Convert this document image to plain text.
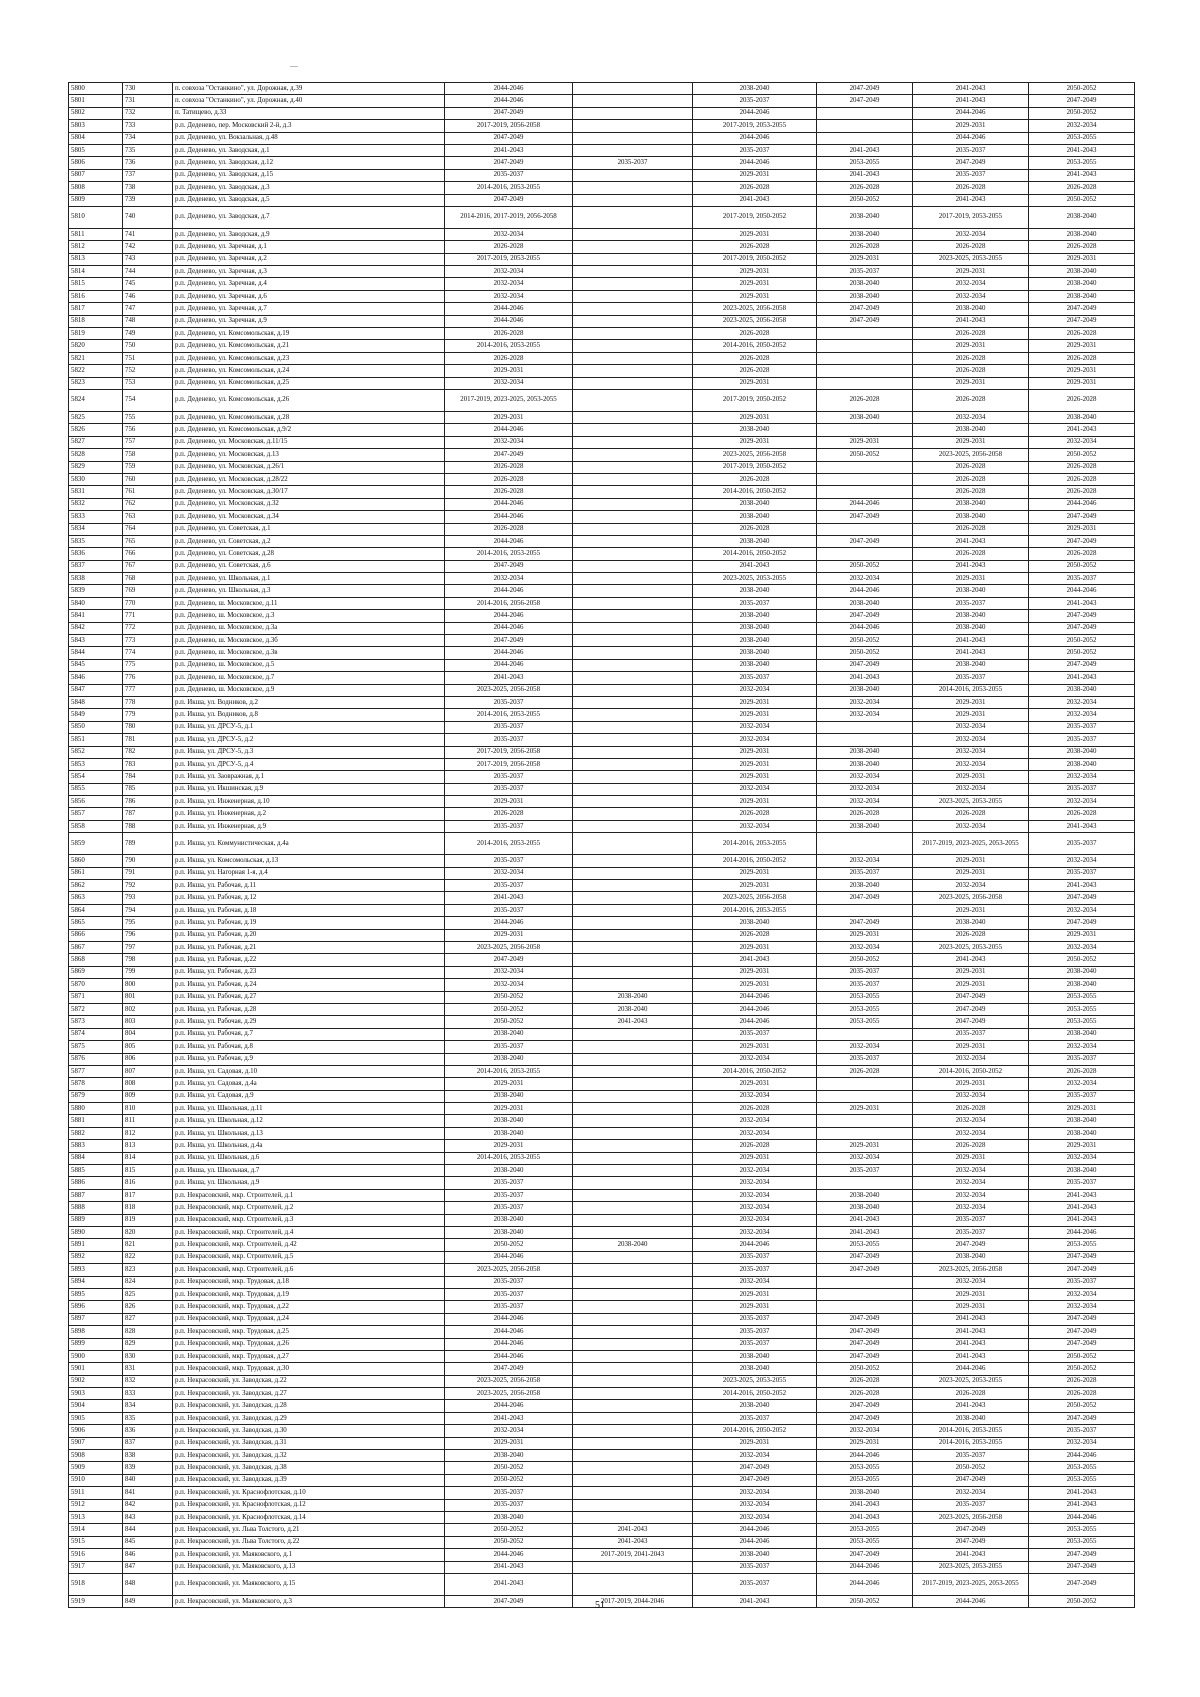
5800	730	п. совхоза "Останкино", ул. Дорожная, д.39	2044-2046		2038-2040	2047-2049	2041-2043	2050-2052
5801	731	п. совхоза "Останкино", ул. Дорожная, д.40	2044-2046		2035-2037	2047-2049	2041-2043	2047-2049
5802	732	п. Татищево, д.33	2047-2049		2044-2046		2044-2046	2050-2052
5803	733	р.п. Деденево, пер. Московский 2-й, д.3	2017-2019, 2056-2058		2017-2019, 2053-2055		2029-2031	2032-2034
5804	734	р.п. Деденево, ул. Вокзальная, д.48	2047-2049		2044-2046		2044-2046	2053-2055
5805	735	р.п. Деденево, ул. Заводская, д.1	2041-2043		2035-2037	2041-2043	2035-2037	2041-2043
5806	736	р.п. Деденево, ул. Заводская, д.12	2047-2049	2035-2037	2044-2046	2053-2055	2047-2049	2053-2055
5807	737	р.п. Деденево, ул. Заводская, д.15	2035-2037		2029-2031	2041-2043	2035-2037	2041-2043
5808	738	р.п. Деденево, ул. Заводская, д.3	2014-2016, 2053-2055		2026-2028	2026-2028	2026-2028	2026-2028
5809	739	р.п. Деденево, ул. Заводская, д.5	2047-2049		2041-2043	2050-2052	2041-2043	2050-2052
5810	740	р.п. Деденево, ул. Заводская, д.7	2014-2016, 2017-2019, 2056-2058		2017-2019, 2050-2052	2038-2040	2017-2019, 2053-2055	2038-2040
5811	741	р.п. Деденево, ул. Заводская, д.9	2032-2034		2029-2031	2038-2040	2032-2034	2038-2040
5812	742	р.п. Деденево, ул. Заречная, д.1	2026-2028		2026-2028	2026-2028	2026-2028	2026-2028
5813	743	р.п. Деденево, ул. Заречная, д.2	2017-2019, 2053-2055		2017-2019, 2050-2052	2029-2031	2023-2025, 2053-2055	2029-2031
5814	744	р.п. Деденево, ул. Заречная, д.3	2032-2034		2029-2031	2035-2037	2029-2031	2038-2040
5815	745	р.п. Деденево, ул. Заречная, д.4	2032-2034		2029-2031	2038-2040	2032-2034	2038-2040
5816	746	р.п. Деденево, ул. Заречная, д.6	2032-2034		2029-2031	2038-2040	2032-2034	2038-2040
5817	747	р.п. Деденево, ул. Заречная, д.7	2044-2046		2023-2025, 2056-2058	2047-2049	2038-2040	2047-2049
5818	748	р.п. Деденево, ул. Заречная, д.9	2044-2046		2023-2025, 2056-2058	2047-2049	2041-2043	2047-2049
5819	749	р.п. Деденево, ул. Комсомольская, д.19	2026-2028		2026-2028		2026-2028	2026-2028
5820	750	р.п. Деденево, ул. Комсомольская, д.21	2014-2016, 2053-2055		2014-2016, 2050-2052		2029-2031	2029-2031
5821	751	р.п. Деденево, ул. Комсомольская, д.23	2026-2028		2026-2028		2026-2028	2026-2028
5822	752	р.п. Деденево, ул. Комсомольская, д.24	2029-2031		2026-2028		2026-2028	2029-2031
5823	753	р.п. Деденево, ул. Комсомольская, д.25	2032-2034		2029-2031		2029-2031	2029-2031
5824	754	р.п. Деденево, ул. Комсомольская, д.26	2017-2019, 2023-2025, 2053-2055		2017-2019, 2050-2052	2026-2028	2026-2028	2026-2028
5825	755	р.п. Деденево, ул. Комсомольская, д.28	2029-2031		2029-2031	2038-2040	2032-2034	2038-2040
5826	756	р.п. Деденево, ул. Комсомольская, д.9/2	2044-2046		2038-2040		2038-2040	2041-2043
5827	757	р.п. Деденево, ул. Московская, д.11/15	2032-2034		2029-2031	2029-2031	2029-2031	2032-2034
5828	758	р.п. Деденево, ул. Московская, д.13	2047-2049		2023-2025, 2056-2058	2050-2052	2023-2025, 2056-2058	2050-2052
5829	759	р.п. Деденево, ул. Московская, д.26/1	2026-2028		2017-2019, 2050-2052		2026-2028	2026-2028
5830	760	р.п. Деденево, ул. Московская, д.28/22	2026-2028		2026-2028		2026-2028	2026-2028
5831	761	р.п. Деденево, ул. Московская, д.30/17	2026-2028		2014-2016, 2050-2052		2026-2028	2026-2028
5832	762	р.п. Деденево, ул. Московская, д.32	2044-2046		2038-2040	2044-2046	2038-2040	2044-2046
5833	763	р.п. Деденево, ул. Московская, д.34	2044-2046		2038-2040	2047-2049	2038-2040	2047-2049
5834	764	р.п. Деденево, ул. Советская, д.1	2026-2028		2026-2028		2026-2028	2029-2031
5835	765	р.п. Деденево, ул. Советская, д.2	2044-2046		2038-2040	2047-2049	2041-2043	2047-2049
5836	766	р.п. Деденево, ул. Советская, д.28	2014-2016, 2053-2055		2014-2016, 2050-2052		2026-2028	2026-2028
5837	767	р.п. Деденево, ул. Советская, д.6	2047-2049		2041-2043	2050-2052	2041-2043	2050-2052
5838	768	р.п. Деденево, ул. Школьная, д.1	2032-2034		2023-2025, 2053-2055	2032-2034	2029-2031	2035-2037
5839	769	р.п. Деденево, ул. Школьная, д.3	2044-2046		2038-2040	2044-2046	2038-2040	2044-2046
5840	770	р.п. Деденево, ш. Московское, д.11	2014-2016, 2056-2058		2035-2037	2038-2040	2035-2037	2041-2043
5841	771	р.п. Деденево, ш. Московское, д.3	2044-2046		2038-2040	2047-2049	2038-2040	2047-2049
5842	772	р.п. Деденево, ш. Московское, д.3а	2044-2046		2038-2040	2044-2046	2038-2040	2047-2049
5843	773	р.п. Деденево, ш. Московское, д.3б	2047-2049		2038-2040	2050-2052	2041-2043	2050-2052
5844	774	р.п. Деденево, ш. Московское, д.3в	2044-2046		2038-2040	2050-2052	2041-2043	2050-2052
5845	775	р.п. Деденево, ш. Московское, д.5	2044-2046		2038-2040	2047-2049	2038-2040	2047-2049
5846	776	р.п. Деденево, ш. Московское, д.7	2041-2043		2035-2037	2041-2043	2035-2037	2041-2043
5847	777	р.п. Деденево, ш. Московское, д.9	2023-2025, 2056-2058		2032-2034	2038-2040	2014-2016, 2053-2055	2038-2040
5848	778	р.п. Икша, ул. Водников, д.2	2035-2037		2029-2031	2032-2034	2029-2031	2032-2034
5849	779	р.п. Икша, ул. Водников, д.8	2014-2016, 2053-2055		2029-2031	2032-2034	2029-2031	2032-2034
5850	780	р.п. Икша, ул. ДРСУ-5, д.1	2035-2037		2032-2034		2032-2034	2035-2037
5851	781	р.п. Икша, ул. ДРСУ-5, д.2	2035-2037		2032-2034		2032-2034	2035-2037
5852	782	р.п. Икша, ул. ДРСУ-5, д.3	2017-2019, 2056-2058		2029-2031	2038-2040	2032-2034	2038-2040
5853	783	р.п. Икша, ул. ДРСУ-5, д.4	2017-2019, 2056-2058		2029-2031	2038-2040	2032-2034	2038-2040
5854	784	р.п. Икша, ул. Заовражная, д.1	2035-2037		2029-2031	2032-2034	2029-2031	2032-2034
5855	785	р.п. Икша, ул. Икшинская, д.9	2035-2037		2032-2034	2032-2034	2032-2034	2035-2037
5856	786	р.п. Икша, ул. Инженерная, д.10	2029-2031		2029-2031	2032-2034	2023-2025, 2053-2055	2032-2034
5857	787	р.п. Икша, ул. Инженерная, д.2	2026-2028		2026-2028	2026-2028	2026-2028	2026-2028
5858	788	р.п. Икша, ул. Инженерная, д.9	2035-2037		2032-2034	2038-2040	2032-2034	2041-2043
5859	789	р.п. Икша, ул. Коммунистическая, д.4а	2014-2016, 2053-2055		2014-2016, 2053-2055		2017-2019, 2023-2025, 2053-2055	2035-2037
5860	790	р.п. Икша, ул. Комсомольская, д.13	2035-2037		2014-2016, 2050-2052	2032-2034	2029-2031	2032-2034
5861	791	р.п. Икша, ул. Нагорная 1-я, д.4	2032-2034		2029-2031	2035-2037	2029-2031	2035-2037
5862	792	р.п. Икша, ул. Рабочая, д.11	2035-2037		2029-2031	2038-2040	2032-2034	2041-2043
5863	793	р.п. Икша, ул. Рабочая, д.12	2041-2043		2023-2025, 2056-2058	2047-2049	2023-2025, 2056-2058	2047-2049
5864	794	р.п. Икша, ул. Рабочая, д.18	2035-2037		2014-2016, 2053-2055		2029-2031	2032-2034
5865	795	р.п. Икша, ул. Рабочая, д.19	2044-2046		2038-2040	2047-2049	2038-2040	2047-2049
5866	796	р.п. Икша, ул. Рабочая, д.20	2029-2031		2026-2028	2029-2031	2026-2028	2029-2031
5867	797	р.п. Икша, ул. Рабочая, д.21	2023-2025, 2056-2058		2029-2031	2032-2034	2023-2025, 2053-2055	2032-2034
5868	798	р.п. Икша, ул. Рабочая, д.22	2047-2049		2041-2043	2050-2052	2041-2043	2050-2052
5869	799	р.п. Икша, ул. Рабочая, д.23	2032-2034		2029-2031	2035-2037	2029-2031	2038-2040
5870	800	р.п. Икша, ул. Рабочая, д.24	2032-2034		2029-2031	2035-2037	2029-2031	2038-2040
5871	801	р.п. Икша, ул. Рабочая, д.27	2050-2052	2038-2040	2044-2046	2053-2055	2047-2049	2053-2055
5872	802	р.п. Икша, ул. Рабочая, д.28	2050-2052	2038-2040	2044-2046	2053-2055	2047-2049	2053-2055
5873	803	р.п. Икша, ул. Рабочая, д.29	2050-2052	2041-2043	2044-2046	2053-2055	2047-2049	2053-2055
5874	804	р.п. Икша, ул. Рабочая, д.7	2038-2040		2035-2037		2035-2037	2038-2040
5875	805	р.п. Икша, ул. Рабочая, д.8	2035-2037		2029-2031	2032-2034	2029-2031	2032-2034
5876	806	р.п. Икша, ул. Рабочая, д.9	2038-2040		2032-2034	2035-2037	2032-2034	2035-2037
5877	807	р.п. Икша, ул. Садовая, д.10	2014-2016, 2053-2055		2014-2016, 2050-2052	2026-2028	2014-2016, 2050-2052	2026-2028
5878	808	р.п. Икша, ул. Садовая, д.4а	2029-2031		2029-2031		2029-2031	2032-2034
5879	809	р.п. Икша, ул. Садовая, д.9	2038-2040		2032-2034		2032-2034	2035-2037
5880	810	р.п. Икша, ул. Школьная, д.11	2029-2031		2026-2028	2029-2031	2026-2028	2029-2031
5881	811	р.п. Икша, ул. Школьная, д.12	2038-2040		2032-2034		2032-2034	2038-2040
5882	812	р.п. Икша, ул. Школьная, д.13	2038-2040		2032-2034		2032-2034	2038-2040
5883	813	р.п. Икша, ул. Школьная, д.4а	2029-2031		2026-2028	2029-2031	2026-2028	2029-2031
5884	814	р.п. Икша, ул. Школьная, д.6	2014-2016, 2053-2055		2029-2031	2032-2034	2029-2031	2032-2034
5885	815	р.п. Икша, ул. Школьная, д.7	2038-2040		2032-2034	2035-2037	2032-2034	2038-2040
5886	816	р.п. Икша, ул. Школьная, д.9	2035-2037		2032-2034		2032-2034	2035-2037
5887	817	р.п. Некрасовский, мкр. Строителей, д.1	2035-2037		2032-2034	2038-2040	2032-2034	2041-2043
5888	818	р.п. Некрасовский, мкр. Строителей, д.2	2035-2037		2032-2034	2038-2040	2032-2034	2041-2043
5889	819	р.п. Некрасовский, мкр. Строителей, д.3	2038-2040		2032-2034	2041-2043	2035-2037	2041-2043
5890	820	р.п. Некрасовский, мкр. Строителей, д.4	2038-2040		2032-2034	2041-2043	2035-2037	2044-2046
5891	821	р.п. Некрасовский, мкр. Строителей, д.42	2050-2052	2038-2040	2044-2046	2053-2055	2047-2049	2053-2055
5892	822	р.п. Некрасовский, мкр. Строителей, д.5	2044-2046		2035-2037	2047-2049	2038-2040	2047-2049
5893	823	р.п. Некрасовский, мкр. Строителей, д.6	2023-2025, 2056-2058		2035-2037	2047-2049	2023-2025, 2056-2058	2047-2049
5894	824	р.п. Некрасовский, мкр. Трудовая, д.18	2035-2037		2032-2034		2032-2034	2035-2037
5895	825	р.п. Некрасовский, мкр. Трудовая, д.19	2035-2037		2029-2031		2029-2031	2032-2034
5896	826	р.п. Некрасовский, мкр. Трудовая, д.22	2035-2037		2029-2031		2029-2031	2032-2034
5897	827	р.п. Некрасовский, мкр. Трудовая, д.24	2044-2046		2035-2037	2047-2049	2041-2043	2047-2049
5898	828	р.п. Некрасовский, мкр. Трудовая, д.25	2044-2046		2035-2037	2047-2049	2041-2043	2047-2049
5899	829	р.п. Некрасовский, мкр. Трудовая, д.26	2044-2046		2035-2037	2047-2049	2041-2043	2047-2049
5900	830	р.п. Некрасовский, мкр. Трудовая, д.27	2044-2046		2038-2040	2047-2049	2041-2043	2050-2052
5901	831	р.п. Некрасовский, мкр. Трудовая, д.30	2047-2049		2038-2040	2050-2052	2044-2046	2050-2052
5902	832	р.п. Некрасовский, ул. Заводская, д.22	2023-2025, 2056-2058		2023-2025, 2053-2055	2026-2028	2023-2025, 2053-2055	2026-2028
5903	833	р.п. Некрасовский, ул. Заводская, д.27	2023-2025, 2056-2058		2014-2016, 2050-2052	2026-2028	2026-2028	2026-2028
5904	834	р.п. Некрасовский, ул. Заводская, д.28	2044-2046		2038-2040	2047-2049	2041-2043	2050-2052
5905	835	р.п. Некрасовский, ул. Заводская, д.29	2041-2043		2035-2037	2047-2049	2038-2040	2047-2049
5906	836	р.п. Некрасовский, ул. Заводская, д.30	2032-2034		2014-2016, 2050-2052	2032-2034	2014-2016, 2053-2055	2035-2037
5907	837	р.п. Некрасовский, ул. Заводская, д.31	2029-2031		2029-2031	2029-2031	2014-2016, 2053-2055	2032-2034
5908	838	р.п. Некрасовский, ул. Заводская, д.32	2038-2040		2032-2034	2044-2046	2035-2037	2044-2046
5909	839	р.п. Некрасовский, ул. Заводская, д.38	2050-2052		2047-2049	2053-2055	2050-2052	2053-2055
5910	840	р.п. Некрасовский, ул. Заводская, д.39	2050-2052		2047-2049	2053-2055	2047-2049	2053-2055
5911	841	р.п. Некрасовский, ул. Краснофлотская, д.10	2035-2037		2032-2034	2038-2040	2032-2034	2041-2043
5912	842	р.п. Некрасовский, ул. Краснофлотская, д.12	2035-2037		2032-2034	2041-2043	2035-2037	2041-2043
5913	843	р.п. Некрасовский, ул. Краснофлотская, д.14	2038-2040		2032-2034	2041-2043	2023-2025, 2056-2058	2044-2046
5914	844	р.п. Некрасовский, ул. Льва Толстого, д.21	2050-2052	2041-2043	2044-2046	2053-2055	2047-2049	2053-2055
5915	845	р.п. Некрасовский, ул. Льва Толстого, д.22	2050-2052	2041-2043	2044-2046	2053-2055	2047-2049	2053-2055
5916	846	р.п. Некрасовский, ул. Маяковского, д.1	2044-2046	2017-2019, 2041-2043	2038-2040	2047-2049	2041-2043	2047-2049
5917	847	р.п. Некрасовский, ул. Маяковского, д.13	2041-2043		2035-2037	2044-2046	2023-2025, 2053-2055	2047-2049
5918	848	р.п. Некрасовский, ул. Маяковского, д.15	2041-2043		2035-2037	2044-2046	2017-2019, 2023-2025, 2053-2055	2047-2049
5919	849	р.п. Некрасовский, ул. Маяковского, д.3	2047-2049	2017-2019, 2044-2046	2041-2043	2050-2052	2044-2046	2050-2052
51
